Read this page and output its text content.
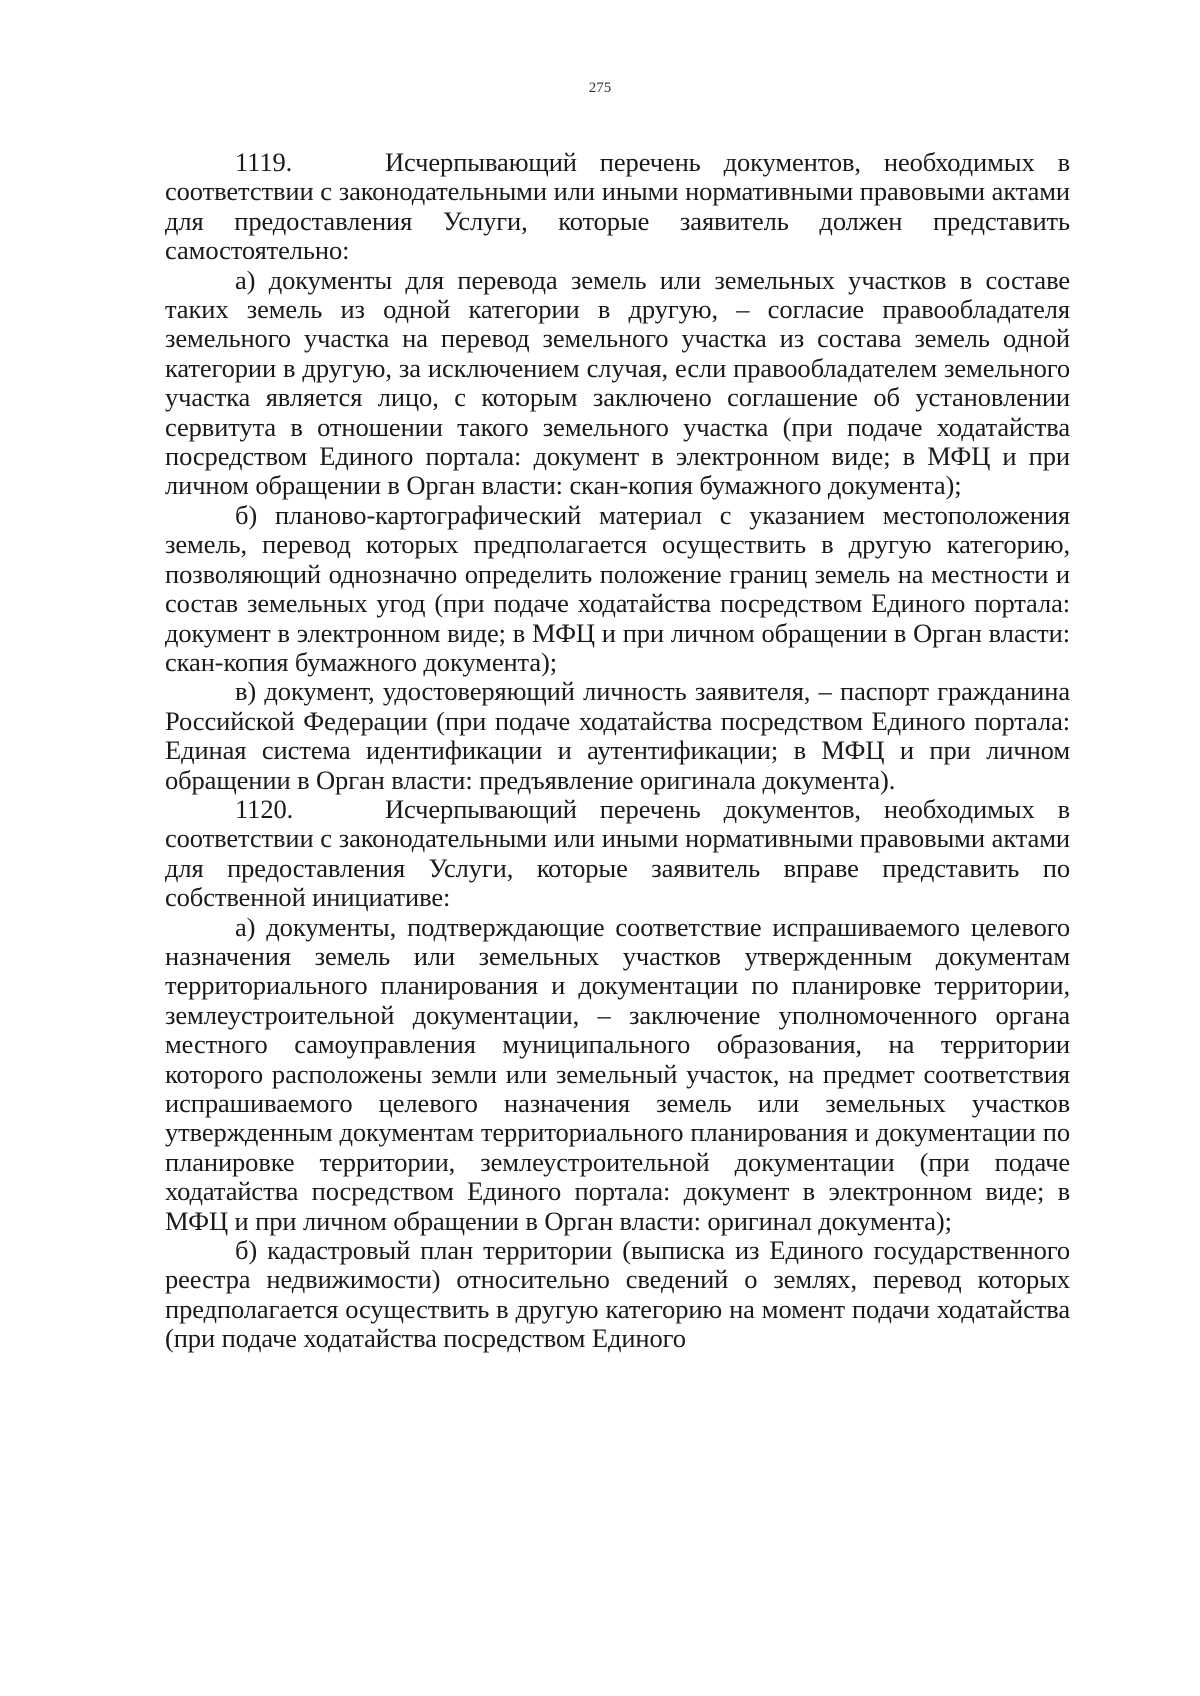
275

1119.	Исчерпывающий перечень документов, необходимых в соответствии с законодательными или иными нормативными правовыми актами для предоставления Услуги, которые заявитель должен представить самостоятельно:

а) документы для перевода земель или земельных участков в составе таких земель из одной категории в другую, – согласие правообладателя земельного участка на перевод земельного участка из состава земель одной категории в другую, за исключением случая, если правообладателем земельного участка является лицо, с которым заключено соглашение об установлении сервитута в отношении такого земельного участка (при подаче ходатайства посредством Единого портала: документ в электронном виде; в МФЦ и при личном обращении в Орган власти: скан-копия бумажного документа);

б) планово-картографический материал с указанием местоположения земель, перевод которых предполагается осуществить в другую категорию, позволяющий однозначно определить положение границ земель на местности и состав земельных угод (при подаче ходатайства посредством Единого портала: документ в электронном виде; в МФЦ и при личном обращении в Орган власти: скан-копия бумажного документа);

в) документ, удостоверяющий личность заявителя, – паспорт гражданина Российской Федерации (при подаче ходатайства посредством Единого портала: Единая система идентификации и аутентификации; в МФЦ и при личном обращении в Орган власти: предъявление оригинала документа).

1120.	Исчерпывающий перечень документов, необходимых в соответствии с законодательными или иными нормативными правовыми актами для предоставления Услуги, которые заявитель вправе представить по собственной инициативе:

а) документы, подтверждающие соответствие испрашиваемого целевого назначения земель или земельных участков утвержденным документам территориального планирования и документации по планировке территории, землеустроительной документации, – заключение уполномоченного органа местного самоуправления муниципального образования, на территории которого расположены земли или земельный участок, на предмет соответствия испрашиваемого целевого назначения земель или земельных участков утвержденным документам территориального планирования и документации по планировке территории, землеустроительной документации (при подаче ходатайства посредством Единого портала: документ в электронном виде; в МФЦ и при личном обращении в Орган власти: оригинал документа);

б) кадастровый план территории (выписка из Единого государственного реестра недвижимости) относительно сведений о землях, перевод которых предполагается осуществить в другую категорию на момент подачи ходатайства (при подаче ходатайства посредством Единого
